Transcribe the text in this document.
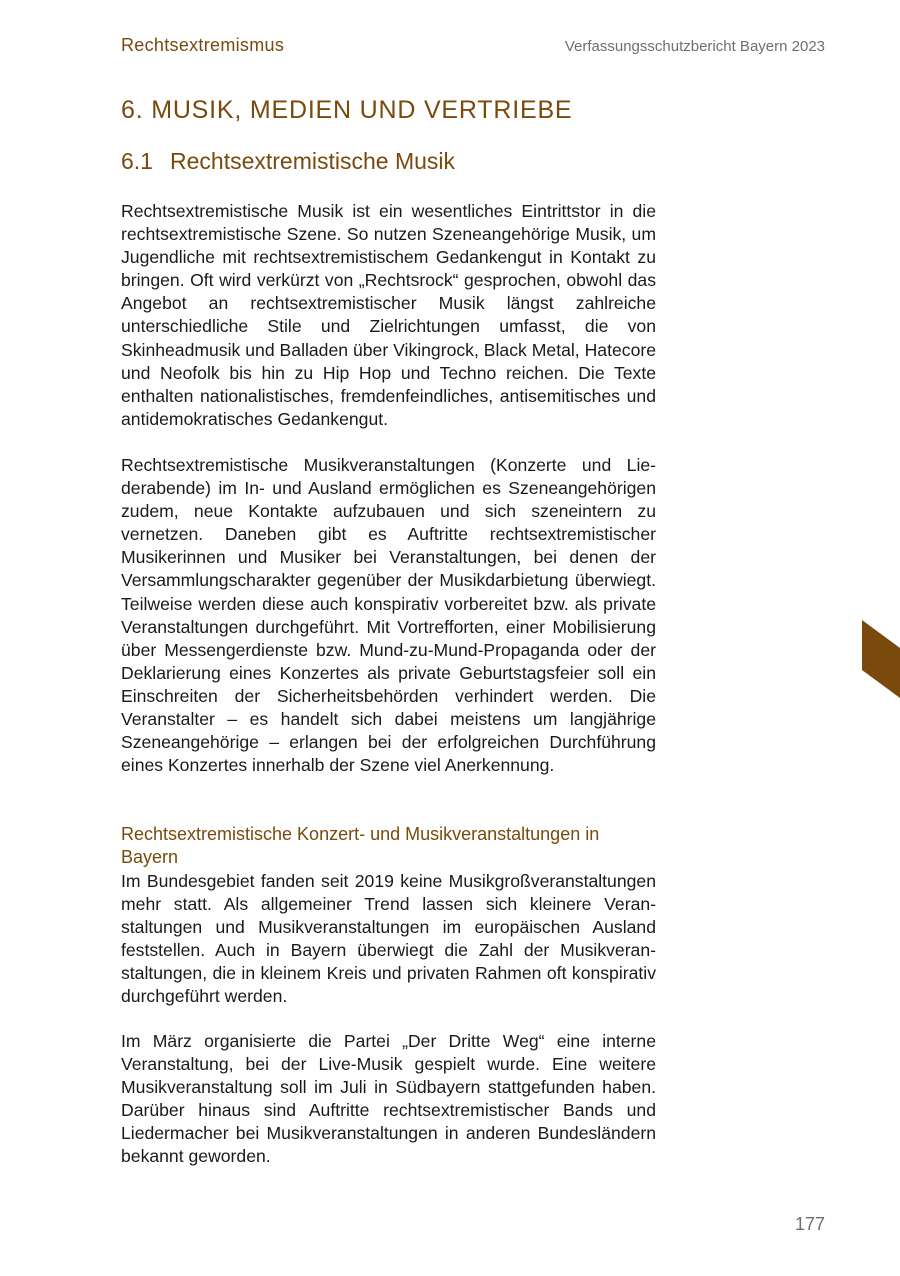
Rechtsextremismus	Verfassungsschutzbericht Bayern 2023
6. MUSIK, MEDIEN UND VERTRIEBE
6.1 Rechtsextremistische Musik

Rechtsextremistische Musik ist ein wesentliches Eintrittstor in die rechtsextremistische Szene. So nutzen Szeneangehörige Musik, um Jugendliche mit rechtsextremistischem Gedankengut in Kontakt zu bringen. Oft wird verkürzt von „Rechtsrock“ gesprochen, obwohl das Angebot an rechtsextremistischer Musik längst zahlreiche unterschiedliche Stile und Zielrichtungen umfasst, die von Skinheadmusik und Balladen über Vikingrock, Black Metal, Hatecore und Neofolk bis hin zu Hip Hop und Techno reichen. Die Texte enthalten nationalistisches, fremdenfeindliches, antisemitisches und antidemokratisches Gedankengut.

Rechtsextremistische Musikveranstaltungen (Konzerte und Liederabende) im In- und Ausland ermöglichen es Szeneangehörigen zudem, neue Kontakte aufzubauen und sich szeneintern zu vernetzen. Daneben gibt es Auftritte rechtsextremistischer Musikerinnen und Musiker bei Veranstaltungen, bei denen der Versammlungscharakter gegenüber der Musikdarbietung überwiegt. Teilweise werden diese auch konspirativ vorbereitet bzw. als private Veranstaltungen durchgeführt. Mit Vortrefforten, einer Mobilisierung über Messengerdienste bzw. Mund-zu-Mund-Propaganda oder der Deklarierung eines Konzertes als private Geburtstagsfeier soll ein Einschreiten der Sicherheitsbehörden verhindert werden. Die Veranstalter – es handelt sich dabei meistens um langjährige Szeneangehörige – erlangen bei der erfolgreichen Durchführung eines Konzertes innerhalb der Szene viel Anerkennung.

Rechtsextremistische Konzert- und Musikveranstaltungen in Bayern

Im Bundesgebiet fanden seit 2019 keine Musikgroßveranstaltungen mehr statt. Als allgemeiner Trend lassen sich kleinere Veranstaltungen und Musikveranstaltungen im europäischen Ausland feststellen. Auch in Bayern überwiegt die Zahl der Musikveranstaltungen, die in kleinem Kreis und privaten Rahmen oft konspirativ durchgeführt werden.

Im März organisierte die Partei „Der Dritte Weg“ eine interne Veranstaltung, bei der Live-Musik gespielt wurde. Eine weitere Musikveranstaltung soll im Juli in Südbayern stattgefunden haben. Darüber hinaus sind Auftritte rechtsextremistischer Bands und Liedermacher bei Musikveranstaltungen in anderen Bundesländern bekannt geworden.

177
